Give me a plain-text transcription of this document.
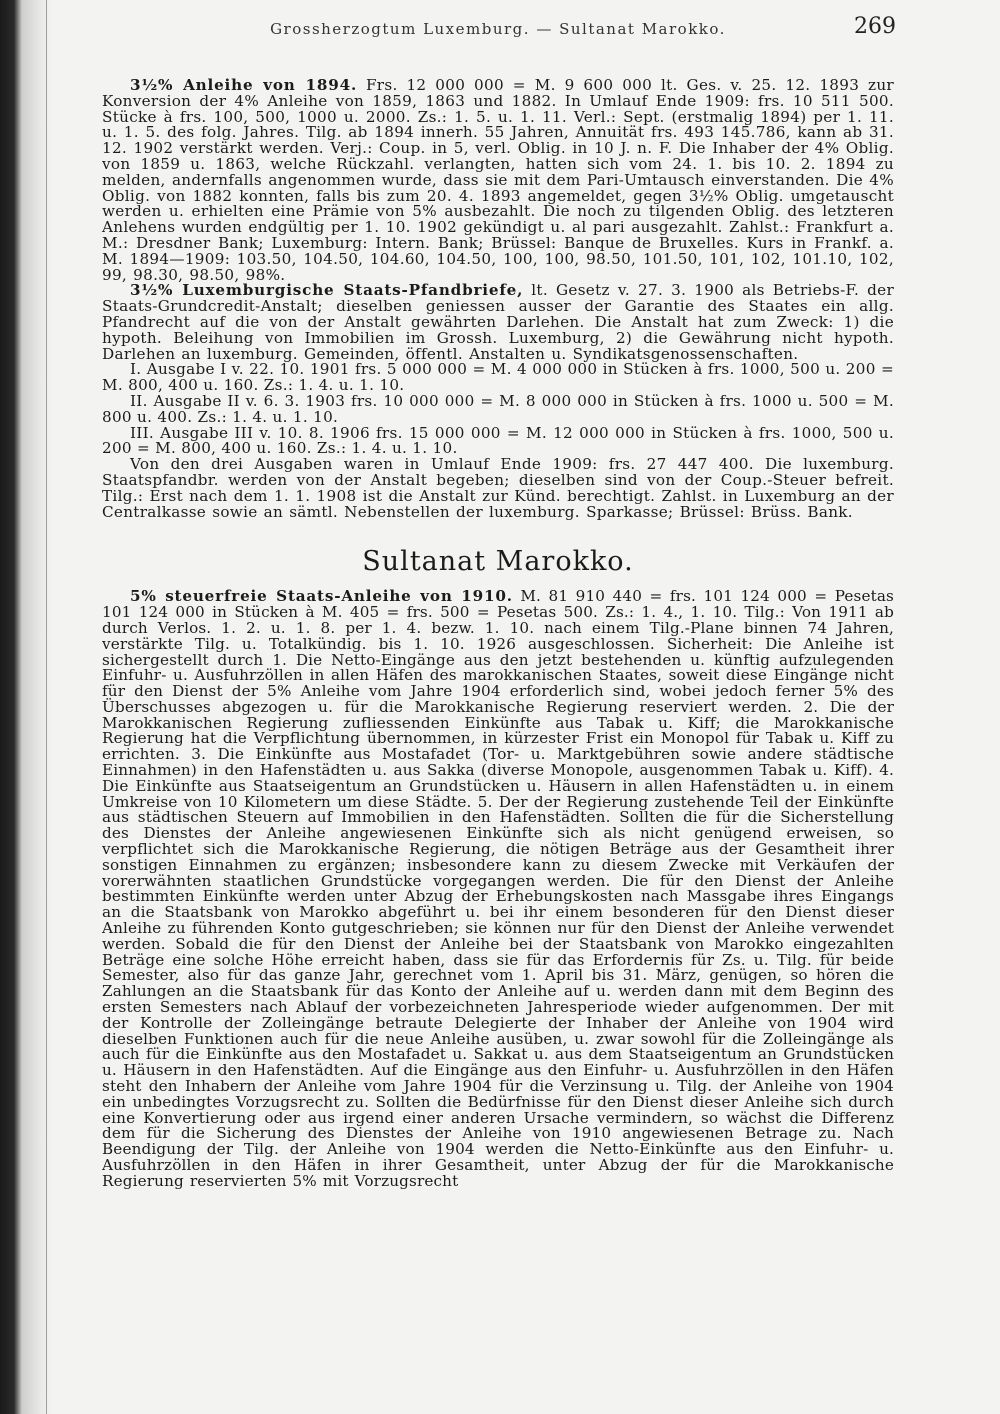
Grossherzogtum Luxemburg. — Sultanat Marokko.	269

3½% Anleihe von 1894. Frs. 12 000 000 = M. 9 600 000 lt. Ges. v. 25. 12. 1893 zur Konversion der 4% Anleihe von 1859, 1863 und 1882. In Umlauf Ende 1909: frs. 10 511 500. Stücke à frs. 100, 500, 1000 u. 2000. Zs.: 1. 5. u. 1. 11. Verl.: Sept. (erstmalig 1894) per 1. 11. u. 1. 5. des folg. Jahres. Tilg. ab 1894 innerh. 55 Jahren, Annuität frs. 493 145.786, kann ab 31. 12. 1902 verstärkt werden. Verj.: Coup. in 5, verl. Oblig. in 10 J. n. F. Die Inhaber der 4% Oblig. von 1859 u. 1863, welche Rückzahl. verlangten, hatten sich vom 24. 1. bis 10. 2. 1894 zu melden, andernfalls angenommen wurde, dass sie mit dem Pari-Umtausch einverstanden. Die 4% Oblig. von 1882 konnten, falls bis zum 20. 4. 1893 angemeldet, gegen 3½% Oblig. umgetauscht werden u. erhielten eine Prämie von 5% ausbezahlt. Die noch zu tilgenden Oblig. des letzteren Anlehens wurden endgültig per 1. 10. 1902 gekündigt u. al pari ausgezahlt. Zahlst.: Frankfurt a. M.: Dresdner Bank; Luxemburg: Intern. Bank; Brüssel: Banque de Bruxelles. Kurs in Frankf. a. M. 1894—1909: 103.50, 104.50, 104.60, 104.50, 100, 100, 98.50, 101.50, 101, 102, 101.10, 102, 99, 98.30, 98.50, 98%.

3½% Luxemburgische Staats-Pfandbriefe, lt. Gesetz v. 27. 3. 1900 als Betriebs-F. der Staats-Grundcredit-Anstalt; dieselben geniessen ausser der Garantie des Staates ein allg. Pfandrecht auf die von der Anstalt gewährten Darlehen. Die Anstalt hat zum Zweck: 1) die hypoth. Beleihung von Immobilien im Grossh. Luxemburg, 2) die Gewährung nicht hypoth. Darlehen an luxemburg. Gemeinden, öffentl. Anstalten u. Syndikatsgenossenschaften.

I. Ausgabe I v. 22. 10. 1901 frs. 5 000 000 = M. 4 000 000 in Stücken à frs. 1000, 500 u. 200 = M. 800, 400 u. 160. Zs.: 1. 4. u. 1. 10.

II. Ausgabe II v. 6. 3. 1903 frs. 10 000 000 = M. 8 000 000 in Stücken à frs. 1000 u. 500 = M. 800 u. 400. Zs.: 1. 4. u. 1. 10.

III. Ausgabe III v. 10. 8. 1906 frs. 15 000 000 = M. 12 000 000 in Stücken à frs. 1000, 500 u. 200 = M. 800, 400 u. 160. Zs.: 1. 4. u. 1. 10.

Von den drei Ausgaben waren in Umlauf Ende 1909: frs. 27 447 400. Die luxemburg. Staatspfandbr. werden von der Anstalt begeben; dieselben sind von der Coup.-Steuer befreit. Tilg.: Erst nach dem 1. 1. 1908 ist die Anstalt zur Künd. berechtigt. Zahlst. in Luxemburg an der Centralkasse sowie an sämtl. Nebenstellen der luxemburg. Sparkasse; Brüssel: Brüss. Bank.

Sultanat Marokko.

5% steuerfreie Staats-Anleihe von 1910. M. 81 910 440 = frs. 101 124 000 = Pesetas 101 124 000 in Stücken à M. 405 = frs. 500 = Pesetas 500. Zs.: 1. 4., 1. 10. Tilg.: Von 1911 ab durch Verlos. 1. 2. u. 1. 8. per 1. 4. bezw. 1. 10. nach einem Tilg.-Plane binnen 74 Jahren, verstärkte Tilg. u. Totalkündig. bis 1. 10. 1926 ausgeschlossen. Sicherheit: Die Anleihe ist sichergestellt durch 1. Die Netto-Eingänge aus den jetzt bestehenden u. künftig aufzulegenden Einfuhr- u. Ausfuhrzöllen in allen Häfen des marokkanischen Staates, soweit diese Eingänge nicht für den Dienst der 5% Anleihe vom Jahre 1904 erforderlich sind, wobei jedoch ferner 5% des Überschusses abgezogen u. für die Marokkanische Regierung reserviert werden. 2. Die der Marokkanischen Regierung zufliessenden Einkünfte aus Tabak u. Kiff; die Marokkanische Regierung hat die Verpflichtung übernommen, in kürzester Frist ein Monopol für Tabak u. Kiff zu errichten. 3. Die Einkünfte aus Mostafadet (Tor- u. Marktgebühren sowie andere städtische Einnahmen) in den Hafenstädten u. aus Sakka (diverse Monopole, ausgenommen Tabak u. Kiff). 4. Die Einkünfte aus Staatseigentum an Grundstücken u. Häusern in allen Hafenstädten u. in einem Umkreise von 10 Kilometern um diese Städte. 5. Der der Regierung zustehende Teil der Einkünfte aus städtischen Steuern auf Immobilien in den Hafenstädten. Sollten die für die Sicherstellung des Dienstes der Anleihe angewiesenen Einkünfte sich als nicht genügend erweisen, so verpflichtet sich die Marokkanische Regierung, die nötigen Beträge aus der Gesamtheit ihrer sonstigen Einnahmen zu ergänzen; insbesondere kann zu diesem Zwecke mit Verkäufen der vorerwähnten staatlichen Grundstücke vorgegangen werden. Die für den Dienst der Anleihe bestimmten Einkünfte werden unter Abzug der Erhebungskosten nach Massgabe ihres Eingangs an die Staatsbank von Marokko abgeführt u. bei ihr einem besonderen für den Dienst dieser Anleihe zu führenden Konto gutgeschrieben; sie können nur für den Dienst der Anleihe verwendet werden. Sobald die für den Dienst der Anleihe bei der Staatsbank von Marokko eingezahlten Beträge eine solche Höhe erreicht haben, dass sie für das Erfordernis für Zs. u. Tilg. für beide Semester, also für das ganze Jahr, gerechnet vom 1. April bis 31. März, genügen, so hören die Zahlungen an die Staatsbank für das Konto der Anleihe auf u. werden dann mit dem Beginn des ersten Semesters nach Ablauf der vorbezeichneten Jahresperiode wieder aufgenommen. Der mit der Kontrolle der Zolleingänge betraute Delegierte der Inhaber der Anleihe von 1904 wird dieselben Funktionen auch für die neue Anleihe ausüben, u. zwar sowohl für die Zolleingänge als auch für die Einkünfte aus den Mostafadet u. Sakkat u. aus dem Staatseigentum an Grundstücken u. Häusern in den Hafenstädten. Auf die Eingänge aus den Einfuhr- u. Ausfuhrzöllen in den Häfen steht den Inhabern der Anleihe vom Jahre 1904 für die Verzinsung u. Tilg. der Anleihe von 1904 ein unbedingtes Vorzugsrecht zu. Sollten die Bedürfnisse für den Dienst dieser Anleihe sich durch eine Konvertierung oder aus irgend einer anderen Ursache vermindern, so wächst die Differenz dem für die Sicherung des Dienstes der Anleihe von 1910 angewiesenen Betrage zu. Nach Beendigung der Tilg. der Anleihe von 1904 werden die Netto-Einkünfte aus den Einfuhr- u. Ausfuhrzöllen in den Häfen in ihrer Gesamtheit, unter Abzug der für die Marokkanische Regierung reservierten 5% mit Vorzugsrecht
